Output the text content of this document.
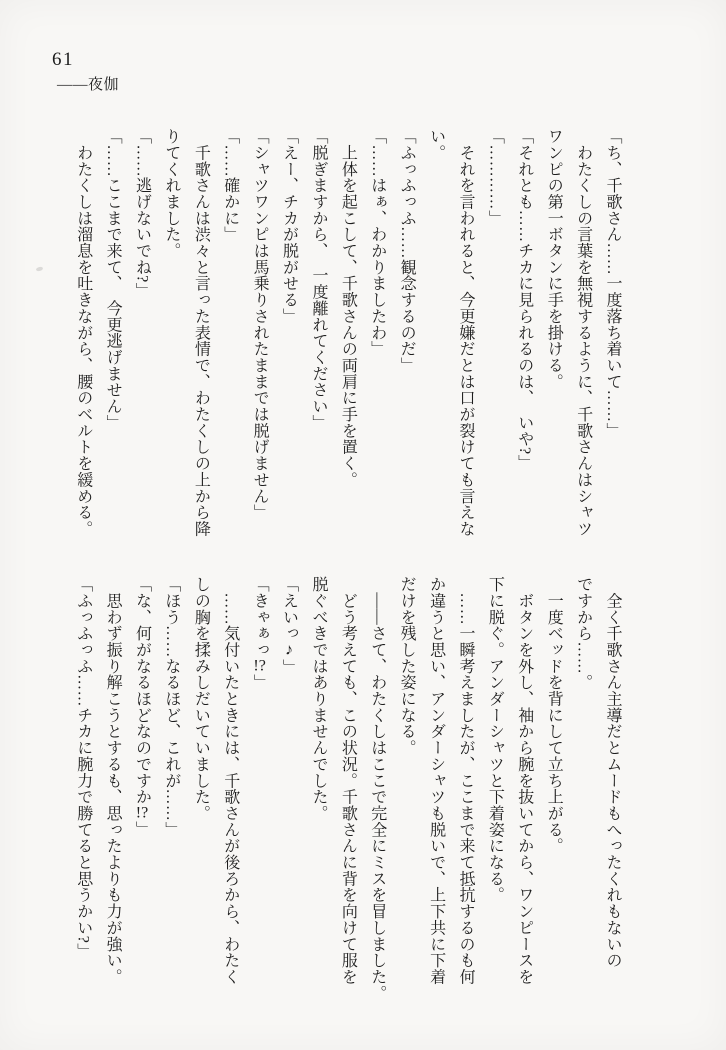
61
――夜伽

「ち、千歌さん……一度落ち着いて……」

　わたくしの言葉を無視するように、千歌さんはシャツ

ワンピの第一ボタンに手を掛ける。

「それとも……チカに見られるのは、　いや?」

「…………」

　それを言われると、今更嫌だとは口が裂けても言えな

い。

「ふっふっふ……観念するのだ」

「……はぁ、わかりましたわ」

　上体を起こして、千歌さんの両肩に手を置く。

「脱ぎますから、　一度離れてください」

「えー、チカが脱がせる」

「シャツワンピは馬乗りされたままでは脱げません」

「……確かに」

　千歌さんは渋々と言った表情で、わたくしの上から降

りてくれました。

「……逃げないでね?」

「……ここまで来て、　今更逃げません」

　わたくしは溜息を吐きながら、腰のベルトを緩める。

　全く千歌さん主導だとムードもへったくれもないの

ですから……。

　一度ベッドを背にして立ち上がる。

　ボタンを外し、袖から腕を抜いてから、ワンピースを

下に脱ぐ。アンダーシャツと下着姿になる。

　……一瞬考えましたが、ここまで来て抵抗するのも何

か違うと思い、アンダーシャツも脱いで、上下共に下着

だけを残した姿になる。

　――さて、わたくしはここで完全にミスを冒しました。

　どう考えても、この状況。千歌さんに背を向けて服を

脱ぐべきではありませんでした。

「えいっ♪」

「きゃぁっ!?」

　……気付いたときには、千歌さんが後ろから、わたく

しの胸を揉みしだいていました。

「ほう……なるほど、これが……」

「な、何がなるほどなのですか!?」

　思わず振り解こうとするも、思ったよりも力が強い。

「ふっふっふ……チカに腕力で勝てると思うかい?」
